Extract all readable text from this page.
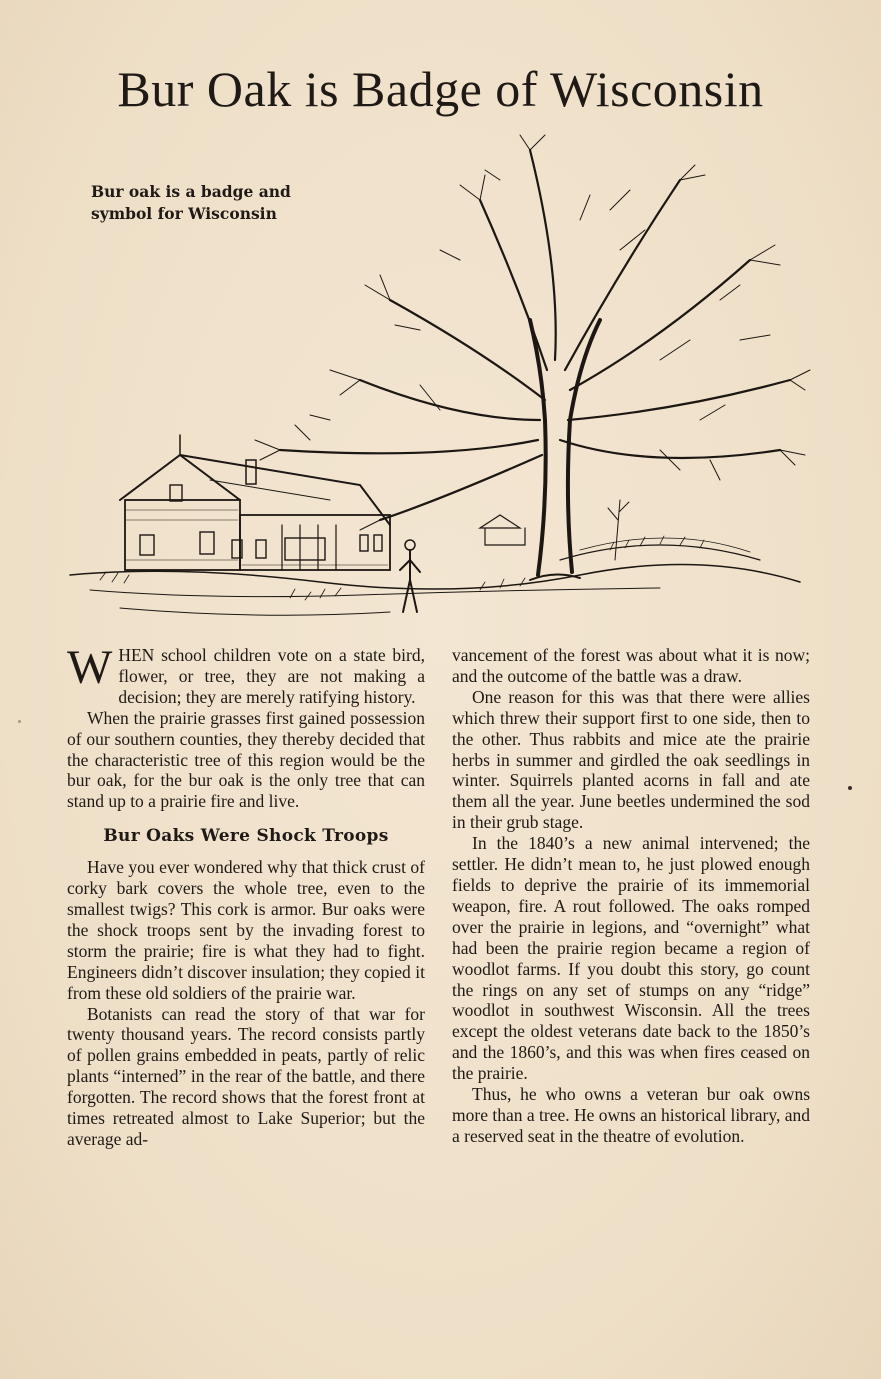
Bur Oak is Badge of Wisconsin
Bur oak is a badge and
symbol for Wisconsin

WHEN school children vote on a state bird, flower, or tree, they are not making a decision; they are merely ratifying history.

When the prairie grasses first gained possession of our southern counties, they thereby decided that the characteristic tree of this region would be the bur oak, for the bur oak is the only tree that can stand up to a prairie fire and live.

Bur Oaks Were Shock Troops

Have you ever wondered why that thick crust of corky bark covers the whole tree, even to the smallest twigs? This cork is armor. Bur oaks were the shock troops sent by the invading forest to storm the prairie; fire is what they had to fight. Engineers didn’t discover insulation; they copied it from these old soldiers of the prairie war.

Botanists can read the story of that war for twenty thousand years. The record consists partly of pollen grains embedded in peats, partly of relic plants “interned” in the rear of the battle, and there forgotten. The record shows that the forest front at times retreated almost to Lake Superior; but the average ad-

vancement of the forest was about what it is now; and the outcome of the battle was a draw.

One reason for this was that there were allies which threw their support first to one side, then to the other. Thus rabbits and mice ate the prairie herbs in summer and girdled the oak seedlings in winter. Squirrels planted acorns in fall and ate them all the year. June beetles undermined the sod in their grub stage.

In the 1840’s a new animal intervened; the settler. He didn’t mean to, he just plowed enough fields to deprive the prairie of its immemorial weapon, fire. A rout followed. The oaks romped over the prairie in legions, and “overnight” what had been the prairie region became a region of woodlot farms. If you doubt this story, go count the rings on any set of stumps on any “ridge” woodlot in southwest Wisconsin. All the trees except the oldest veterans date back to the 1850’s and the 1860’s, and this was when fires ceased on the prairie.

Thus, he who owns a veteran bur oak owns more than a tree. He owns an historical library, and a reserved seat in the theatre of evolution.
